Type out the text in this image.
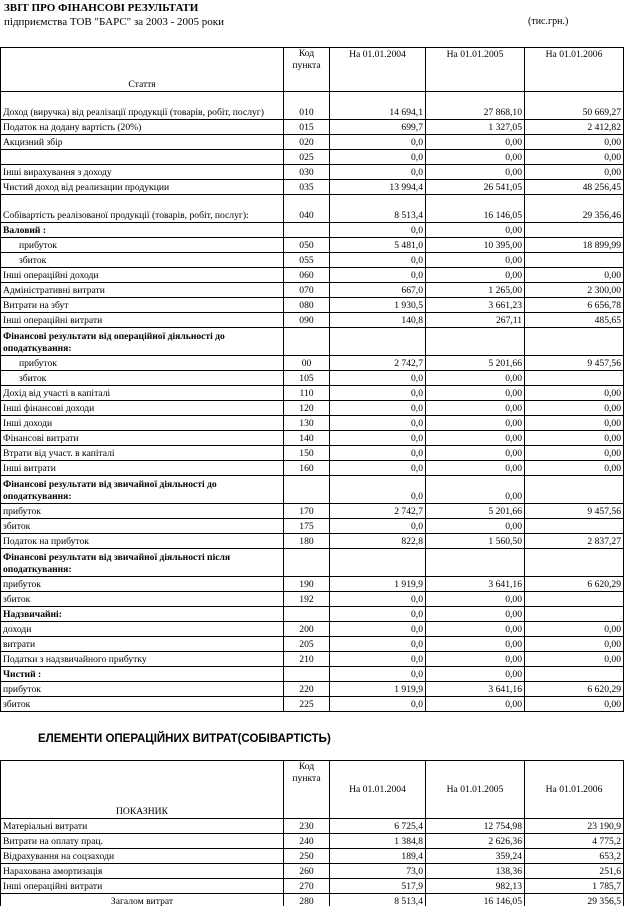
ЗВІТ ПРО ФІНАНСОВІ РЕЗУЛЬТАТИ
підприємства ТОВ "БАРС" за 2003 - 2005 роки	(тис.грн.)
Стаття	Код пункта	На 01.01.2004	На 01.01.2005	На 01.01.2006
Доход (виручка) від реалізації продукції (товарів, робіт, послуг)	010	14 694,1	27 868,10	50 669,27
Податок на додану вартість (20%)	015	699,7	1 327,05	2 412,82
Акцизний збір	020	0,0	0,00	0,00
	025	0,0	0,00	0,00
Інші вирахування з доходу	030	0,0	0,00	0,00
Чистий доход від реализации продукции	035	13 994,4	26 541,05	48 256,45
Собівартість реалізованої продукції (товарів, робіт, послуг):	040	8 513,4	16 146,05	29 356,46
Валовий :		0,0	0,00	
прибуток	050	5 481,0	10 395,00	18 899,99
збиток	055	0,0	0,00	
Інші операційні доходи	060	0,0	0,00	0,00
Адміністративні витрати	070	667,0	1 265,00	2 300,00
Витрати на збут	080	1 930,5	3 661,23	6 656,78
Інші операційні витрати	090	140,8	267,11	485,65
Фінансові результати від операційної діяльності до оподаткування:				
прибуток	00	2 742,7	5 201,66	9 457,56
збиток	105	0,0	0,00	
Дохід від участі в капіталі	110	0,0	0,00	0,00
Інші фінансові доходи	120	0,0	0,00	0,00
Інші доходи	130	0,0	0,00	0,00
Фінансові витрати	140	0,0	0,00	0,00
Втрати від участ. в капіталі	150	0,0	0,00	0,00
Інші витрати	160	0,0	0,00	0,00
Фінансові результати від звичайної діяльності до оподаткування:		0,0	0,00	
прибуток	170	2 742,7	5 201,66	9 457,56
збиток	175	0,0	0,00	
Податок на прибуток	180	822,8	1 560,50	2 837,27
Фінансові результати від звичайної діяльності після оподаткування:				
прибуток	190	1 919,9	3 641,16	6 620,29
збиток	192	0,0	0,00	
Надзвичайні:		0,0	0,00	
доходи	200	0,0	0,00	0,00
витрати	205	0,0	0,00	0,00
Податки з надзвичайного прибутку	210	0,0	0,00	0,00
Чистий :		0,0	0,00	
прибуток	220	1 919,9	3 641,16	6 620,29
збиток	225	0,0	0,00	0,00
ЕЛЕМЕНТИ ОПЕРАЦІЙНИХ ВИТРАТ(СОБІВАРТІСТЬ)
ПОКАЗНИК	Код пункта	На 01.01.2004	На 01.01.2005	На 01.01.2006
Матеріальні витрати	230	6 725,4	12 754,98	23 190,9
Витрати на оплату прац.	240	1 384,8	2 626,36	4 775,2
Відрахування на соцзаходи	250	189,4	359,24	653,2
Нарахована амортизація	260	73,0	138,36	251,6
Інші операційні витрати	270	517,9	982,13	1 785,7
Загалом витрат	280	8 513,4	16 146,05	29 356,5
